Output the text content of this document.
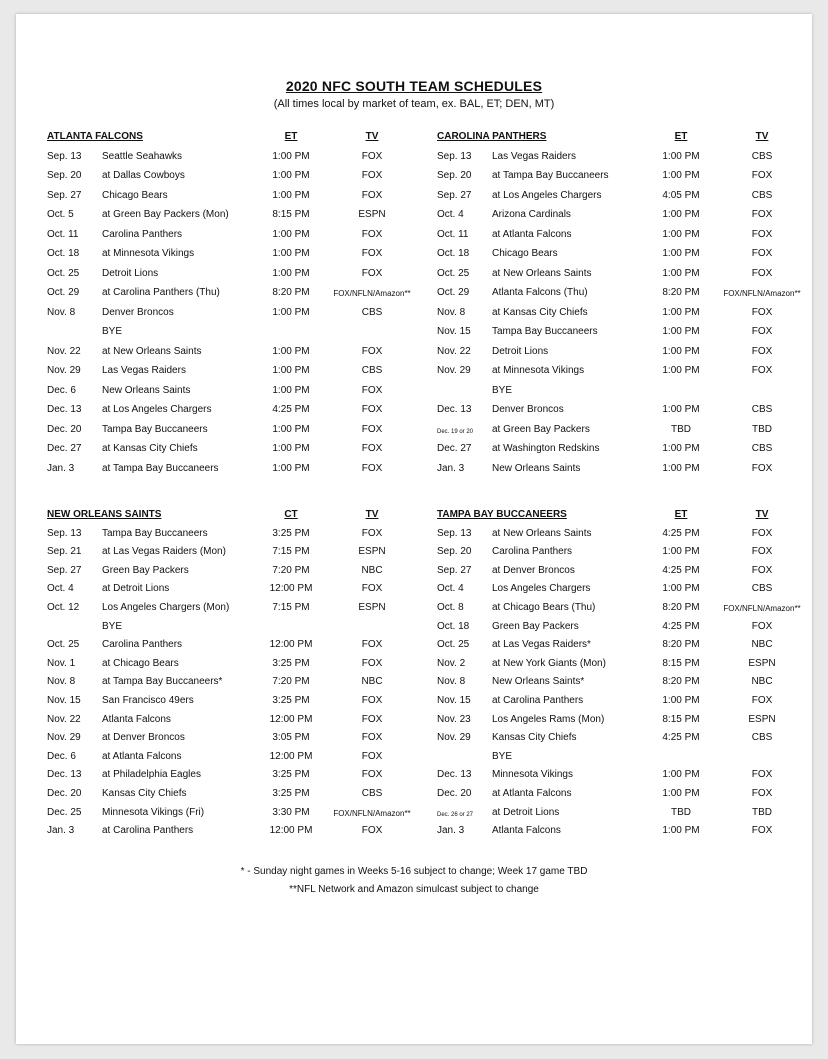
2020 NFC SOUTH TEAM SCHEDULES
(All times local by market of team, ex. BAL, ET; DEN, MT)
ATLANTA FALCONS	ET	TV
Sep. 13 Seattle Seahawks	1:00 PM	FOX
Sep. 20 at Dallas Cowboys	1:00 PM	FOX
Sep. 27 Chicago Bears	1:00 PM	FOX
Oct. 5	at Green Bay Packers (Mon)	8:15 PM	ESPN
Oct. 11 Carolina Panthers	1:00 PM	FOX
Oct. 18 at Minnesota Vikings	1:00 PM	FOX
Oct. 25 Detroit Lions	1:00 PM	FOX
Oct. 29 at Carolina Panthers (Thu)	8:20 PM	FOX/NFLN/Amazon**
Nov. 8	Denver Broncos	1:00 PM	CBS
BYE
Nov. 22 at New Orleans Saints	1:00 PM	FOX
Nov. 29 Las Vegas Raiders	1:00 PM	CBS
Dec. 6	New Orleans Saints	1:00 PM	FOX
Dec. 13 at Los Angeles Chargers	4:25 PM	FOX
Dec. 20 Tampa Bay Buccaneers	1:00 PM	FOX
Dec. 27 at Kansas City Chiefs	1:00 PM	FOX
Jan. 3	at Tampa Bay Buccaneers	1:00 PM	FOX
CAROLINA PANTHERS	ET	TV
Sep. 13 Las Vegas Raiders	1:00 PM	CBS
Sep. 20 at Tampa Bay Buccaneers	1:00 PM	FOX
Sep. 27 at Los Angeles Chargers	4:05 PM	CBS
Oct. 4	Arizona Cardinals	1:00 PM	FOX
Oct. 11 at Atlanta Falcons	1:00 PM	FOX
Oct. 18 Chicago Bears	1:00 PM	FOX
Oct. 25 at New Orleans Saints	1:00 PM	FOX
Oct. 29 Atlanta Falcons (Thu)	8:20 PM	FOX/NFLN/Amazon**
Nov. 8	at Kansas City Chiefs	1:00 PM	FOX
Nov. 15 Tampa Bay Buccaneers	1:00 PM	FOX
Nov. 22 Detroit Lions	1:00 PM	FOX
Nov. 29 at Minnesota Vikings	1:00 PM	FOX
BYE
Dec. 13 Denver Broncos	1:00 PM	CBS
Dec. 19 or 20 at Green Bay Packers	TBD	TBD
Dec. 27 at Washington Redskins	1:00 PM	CBS
Jan. 3	New Orleans Saints	1:00 PM	FOX
NEW ORLEANS SAINTS	CT	TV
Sep. 13 Tampa Bay Buccaneers	3:25 PM	FOX
Sep. 21 at Las Vegas Raiders (Mon)	7:15 PM	ESPN
Sep. 27 Green Bay Packers	7:20 PM	NBC
Oct. 4	at Detroit Lions	12:00 PM	FOX
Oct. 12 Los Angeles Chargers (Mon)	7:15 PM	ESPN
BYE
Oct. 25 Carolina Panthers	12:00 PM	FOX
Nov. 1	at Chicago Bears	3:25 PM	FOX
Nov. 8	at Tampa Bay Buccaneers*	7:20 PM	NBC
Nov. 15 San Francisco 49ers	3:25 PM	FOX
Nov. 22 Atlanta Falcons	12:00 PM	FOX
Nov. 29 at Denver Broncos	3:05 PM	FOX
Dec. 6	at Atlanta Falcons	12:00 PM	FOX
Dec. 13 at Philadelphia Eagles	3:25 PM	FOX
Dec. 20 Kansas City Chiefs	3:25 PM	CBS
Dec. 25 Minnesota Vikings (Fri)	3:30 PM	FOX/NFLN/Amazon**
Jan. 3	at Carolina Panthers	12:00 PM	FOX
TAMPA BAY BUCCANEERS	ET	TV
Sep. 13 at New Orleans Saints	4:25 PM	FOX
Sep. 20 Carolina Panthers	1:00 PM	FOX
Sep. 27 at Denver Broncos	4:25 PM	FOX
Oct. 4	Los Angeles Chargers	1:00 PM	CBS
Oct. 8	at Chicago Bears (Thu)	8:20 PM	FOX/NFLN/Amazon**
Oct. 18 Green Bay Packers	4:25 PM	FOX
Oct. 25 at Las Vegas Raiders*	8:20 PM	NBC
Nov. 2	at New York Giants (Mon)	8:15 PM	ESPN
Nov. 8	New Orleans Saints*	8:20 PM	NBC
Nov. 15 at Carolina Panthers	1:00 PM	FOX
Nov. 23 Los Angeles Rams (Mon)	8:15 PM	ESPN
Nov. 29 Kansas City Chiefs	4:25 PM	CBS
BYE
Dec. 13 Minnesota Vikings	1:00 PM	FOX
Dec. 20 at Atlanta Falcons	1:00 PM	FOX
Dec. 26 or 27 at Detroit Lions	TBD	TBD
Jan. 3	Atlanta Falcons	1:00 PM	FOX
* - Sunday night games in Weeks 5-16 subject to change; Week 17 game TBD
**NFL Network and Amazon simulcast subject to change
